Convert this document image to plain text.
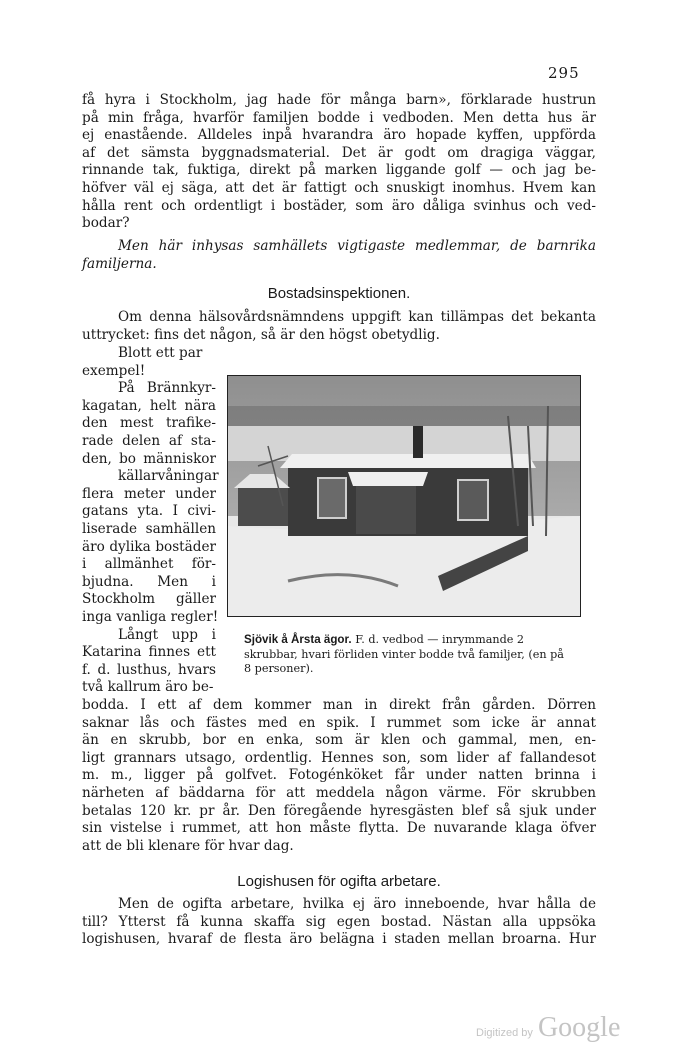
295
få hyra i Stockholm, jag hade för många barn», förklarade hustrun
på min fråga, hvarför familjen bodde i vedboden. Men detta hus är
ej enastående. Alldeles inpå hvarandra äro hopade kyffen, uppförda
af det sämsta byggnadsmaterial. Det är godt om dragiga väggar,
rinnande tak, fuktiga, direkt på marken liggande golf — och jag be-
höfver väl ej säga, att det är fattigt och snuskigt inomhus. Hvem kan
hålla rent och ordentligt i bostäder, som äro dåliga svinhus och ved-
bodar?
Men här inhysas samhällets vigtigaste medlemmar, de barnrika
familjerna.
Bostadsinspektionen.
Om denna hälsovårdsnämndens uppgift kan tillämpas det bekanta
uttrycket: fins det någon, så är den högst obetydlig.
Blott ett par
exempel!
På Brännkyr-
kagatan, helt nära
den mest trafike-
rade delen af sta-
den, bo människor
källarvåningar
flera meter under
gatans yta. I civi-
liserade samhällen
äro dylika bostäder
i allmänhet för-
bjudna. Men i
Stockholm gäller
inga vanliga regler!
Långt upp i
Katarina finnes ett
f. d. lusthus, hvars
två kallrum äro be-
Sjövik å Årsta ägor. F. d. vedbod — inrymmande 2
skrubbar, hvari förliden vinter bodde två familjer, (en på
8 personer).
bodda. I ett af dem kommer man in direkt från gården. Dörren
saknar lås och fästes med en spik. I rummet som icke är annat
än en skrubb, bor en enka, som är klen och gammal, men, en-
ligt grannars utsago, ordentlig. Hennes son, som lider af fallandesot
m. m., ligger på golfvet. Fotogénköket får under natten brinna i
närheten af bäddarna för att meddela någon värme. För skrubben
betalas 120 kr. pr år. Den föregående hyresgästen blef så sjuk under
sin vistelse i rummet, att hon måste flytta. De nuvarande klaga öfver
att de bli klenare för hvar dag.
Logishusen för ogifta arbetare.
Men de ogifta arbetare, hvilka ej äro inneboende, hvar hålla de
till? Ytterst få kunna skaffa sig egen bostad. Nästan alla uppsöka
logishusen, hvaraf de flesta äro belägna i staden mellan broarna. Hur
Digitized by Google
